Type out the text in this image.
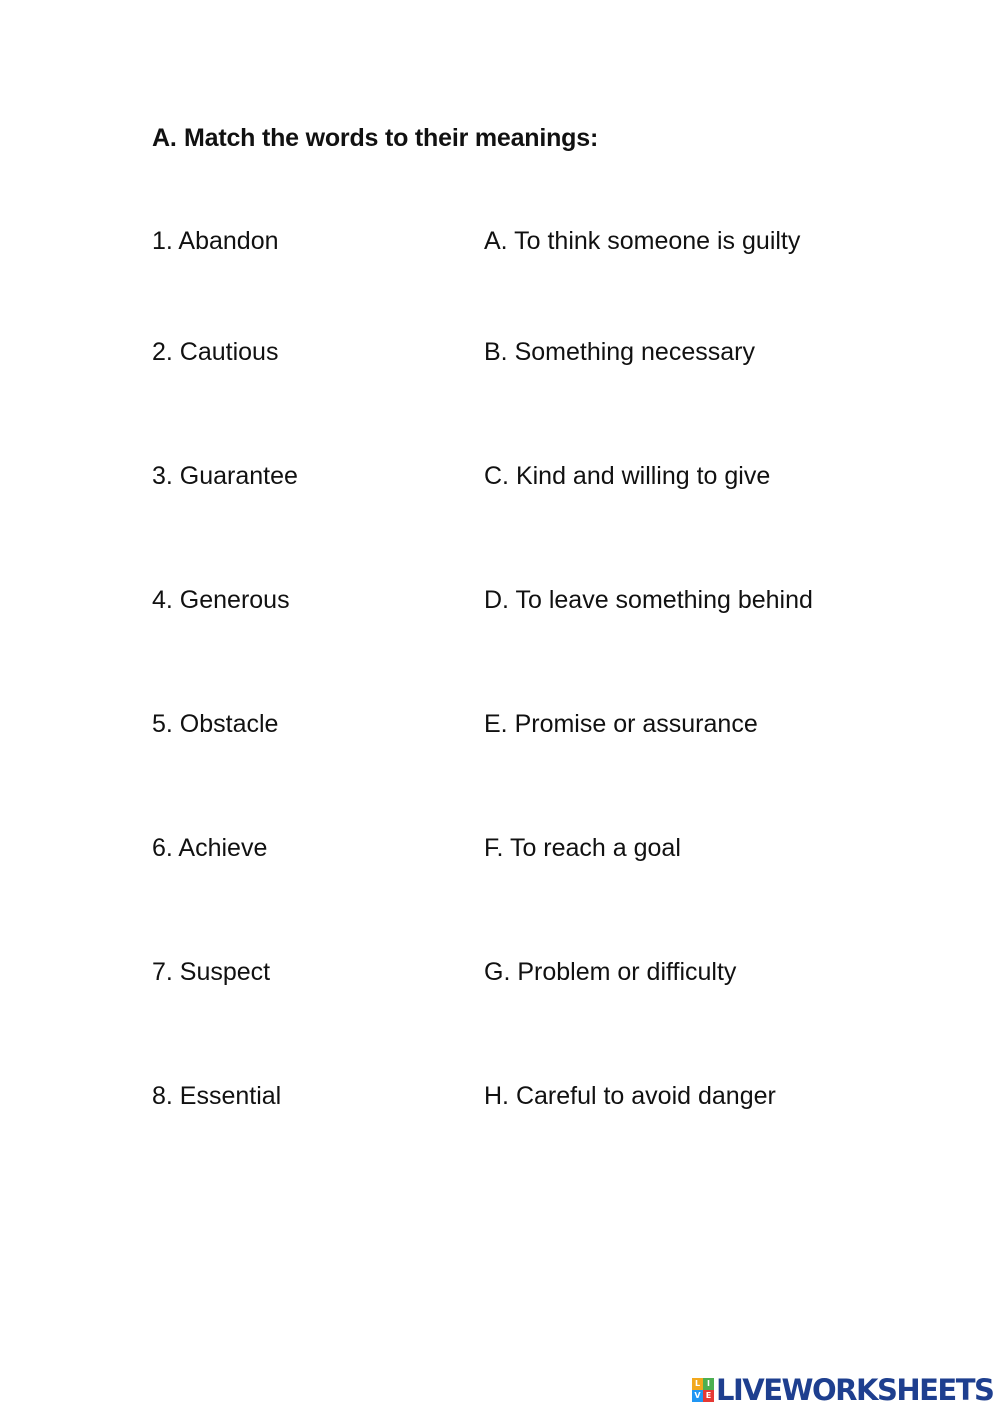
A. Match the words to their meanings:
1. Abandon	A. To think someone is guilty
2. Cautious	B. Something necessary
3. Guarantee	C. Kind and willing to give
4. Generous	D. To leave something behind
5. Obstacle	E. Promise or assurance
6. Achieve	F. To reach a goal
7. Suspect	G. Problem or difficulty
8. Essential	H. Careful to avoid danger
L I
V E LIVEWORKSHEETS
